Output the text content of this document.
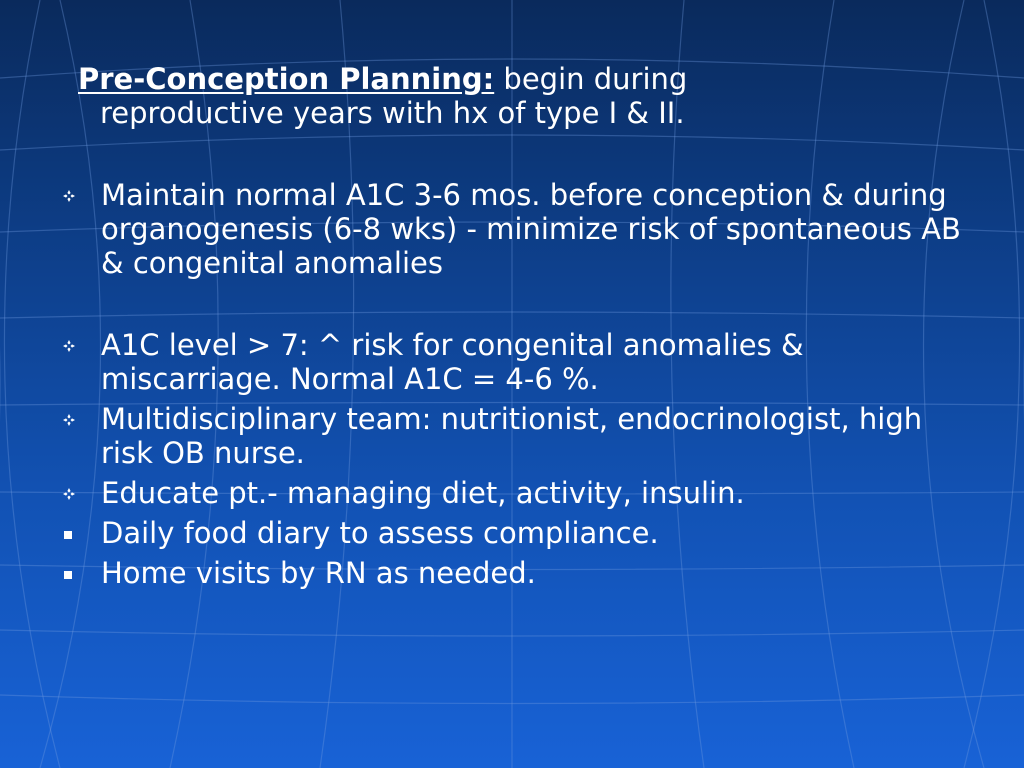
Pre-Conception Planning: begin during
reproductive years with hx of type I & II.

Maintain normal A1C 3-6 mos. before conception & during organogenesis (6-8 wks) - minimize risk of spontaneous AB & congenital anomalies
A1C level > 7: ^ risk for congenital anomalies & miscarriage. Normal A1C = 4-6 %.
Multidisciplinary team: nutritionist, endocrinologist, high risk OB nurse.
Educate pt.- managing diet, activity, insulin.
Daily food diary to assess compliance.
Home visits by RN as needed.
